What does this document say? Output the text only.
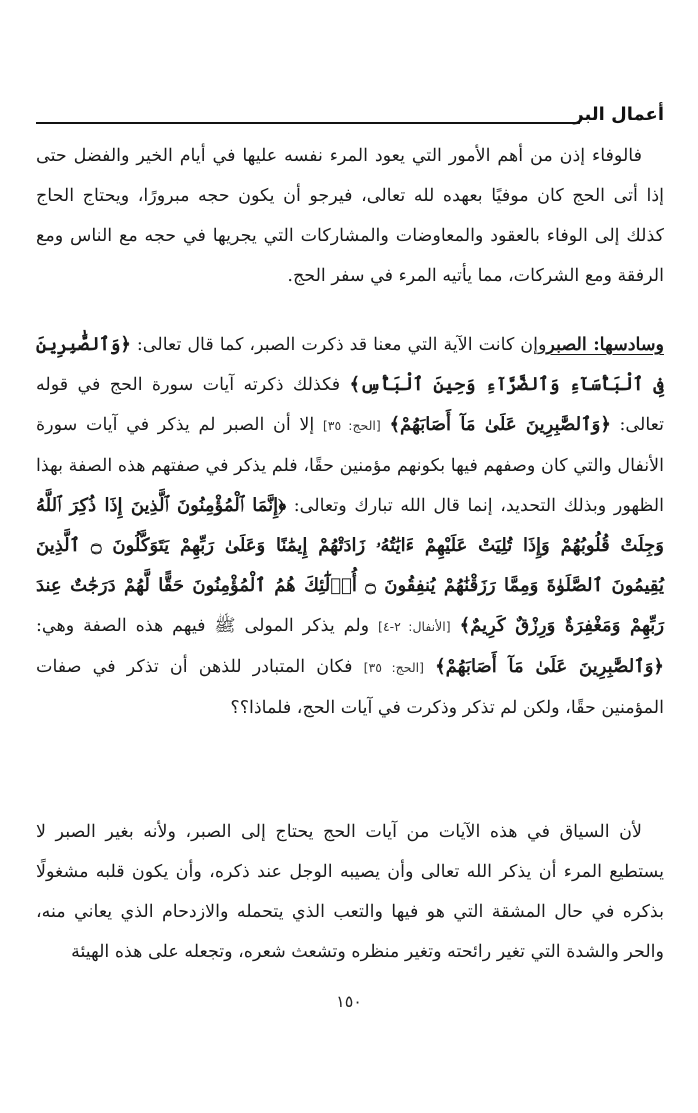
أعمال البر

فالوفاء إذن من أهم الأمور التي يعود المرء نفسه عليها في أيام الخير والفضل حتى إذا أتى الحج كان موفيًا بعهده لله تعالى، فيرجو أن يكون حجه مبرورًا، ويحتاج الحاج كذلك إلى الوفاء بالعقود والمعاوضات والمشاركات التي يجريها في حجه مع الناس ومع الرفقة ومع الشركات، مما يأتيه المرء في سفر الحج.

وسادسها: الصبروإن كانت الآية التي معنا قد ذكرت الصبر، كما قال تعالى: ﴿وَٱلصَّٰبِرِينَ فِى ٱلْبَأْسَآءِ وَٱلضَّرَّآءِ وَحِينَ ٱلْبَأْسِ﴾ فكذلك ذكرته آيات سورة الحج في قوله تعالى: ﴿وَٱلصَّٰبِرِينَ عَلَىٰ مَآ أَصَابَهُمْ﴾ [الحج: ٣٥] إلا أن الصبر لم يذكر في آيات سورة الأنفال والتي كان وصفهم فيها بكونهم مؤمنين حقًا، فلم يذكر في صفتهم هذه الصفة بهذا الظهور وبذلك التحديد، إنما قال الله تبارك وتعالى: ﴿إِنَّمَا ٱلْمُؤْمِنُونَ ٱلَّذِينَ إِذَا ذُكِرَ ٱللَّهُ وَجِلَتْ قُلُوبُهُمْ وَإِذَا تُلِيَتْ عَلَيْهِمْ ءَايَٰتُهُۥ زَادَتْهُمْ إِيمَٰنًا وَعَلَىٰ رَبِّهِمْ يَتَوَكَّلُونَ ۝ ٱلَّذِينَ يُقِيمُونَ ٱلصَّلَوٰةَ وَمِمَّا رَزَقْنَٰهُمْ يُنفِقُونَ ۝ أُو۟لَٰٓئِكَ هُمُ ٱلْمُؤْمِنُونَ حَقًّا لَّهُمْ دَرَجَٰتٌ عِندَ رَبِّهِمْ وَمَغْفِرَةٌ وَرِزْقٌ كَرِيمٌ﴾ [الأنفال: ٢-٤] ولم يذكر المولى ﷺ فيهم هذه الصفة وهي: ﴿وَٱلصَّٰبِرِينَ عَلَىٰ مَآ أَصَابَهُمْ﴾ [الحج: ٣٥] فكان المتبادر للذهن أن تذكر في صفات المؤمنين حقًا، ولكن لم تذكر وذكرت في آيات الحج، فلماذا؟؟

لأن السياق في هذه الآيات من آيات الحج يحتاج إلى الصبر، ولأنه بغير الصبر لا يستطيع المرء أن يذكر الله تعالى وأن يصيبه الوجل عند ذكره، وأن يكون قلبه مشغولًا بذكره في حال المشقة التي هو فيها والتعب الذي يتحمله والازدحام الذي يعاني منه، والحر والشدة التي تغير رائحته وتغير منظره وتشعث شعره، وتجعله على هذه الهيئة

١٥٠
